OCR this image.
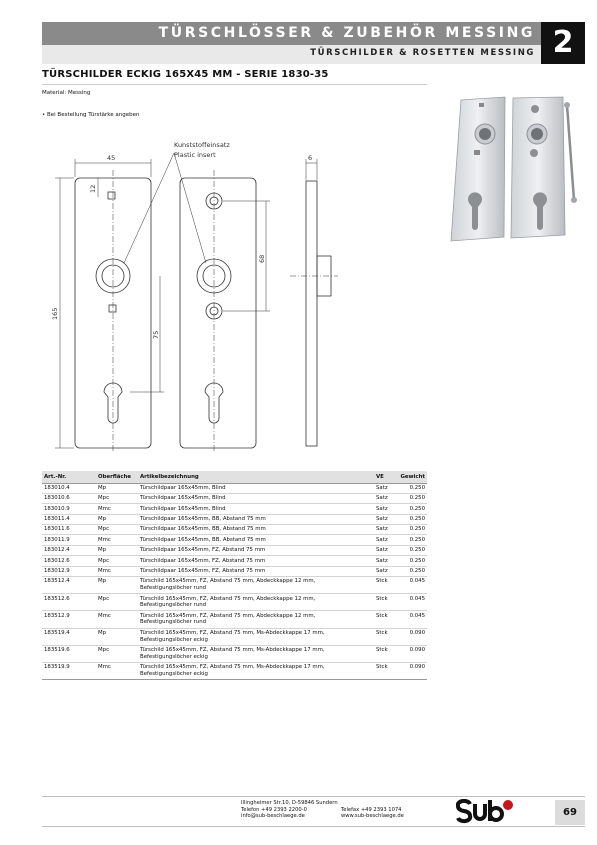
TÜRSCHLÖSSER & ZUBEHÖR MESSING
TÜRSCHILDER & ROSETTEN MESSING 2
TÜRSCHILDER ECKIG 165X45 MM - SERIE 1830-35
Material: Messing
• Bei Bestellung Türstärke angeben
Kunststoffeinsatz
Plastic insert
45	6
12
68
75
165
Art.-Nr.	Oberfläche	Artikelbezeichnung	VE	Gewicht
183010.4	Mp	Türschildpaar 165x45mm, Blind	Satz	0.250
183010.6	Mpc	Türschildpaar 165x45mm, Blind	Satz	0.250
183010.9	Mmc	Türschildpaar 165x45mm, Blind	Satz	0.250
183011.4	Mp	Türschildpaar 165x45mm, BB, Abstand 75 mm	Satz	0.250
183011.6	Mpc	Türschildpaar 165x45mm, BB, Abstand 75 mm	Satz	0.250
183011.9	Mmc	Türschildpaar 165x45mm, BB, Abstand 75 mm	Satz	0.250
183012.4	Mp	Türschildpaar 165x45mm, FZ, Abstand 75 mm	Satz	0.250
183012.6	Mpc	Türschildpaar 165x45mm, FZ, Abstand 75 mm	Satz	0.250
183012.9	Mmc	Türschildpaar 165x45mm, FZ, Abstand 75 mm	Satz	0.250
183512.4	Mp	Türschild 165x45mm, FZ, Abstand 75 mm, Abdeckkappe 12 mm,
Befestigungslöcher rund	Stck	0.045
183512.6	Mpc	Türschild 165x45mm, FZ, Abstand 75 mm, Abdeckkappe 12 mm,
Befestigungslöcher rund	Stck	0.045
183512.9	Mmc	Türschild 165x45mm, FZ, Abstand 75 mm, Abdeckkappe 12 mm,
Befestigungslöcher rund	Stck	0.045
183519.4	Mp	Türschild 165x45mm, FZ, Abstand 75 mm, Ms-Abdeckkappe 17 mm,
Befestigungslöcher eckig	Stck	0.090
183519.6	Mpc	Türschild 165x45mm, FZ, Abstand 75 mm, Ms-Abdeckkappe 17 mm,
Befestigungslöcher eckig	Stck	0.090
183519.9	Mmc	Türschild 165x45mm, FZ, Abstand 75 mm, Ms-Abdeckkappe 17 mm,
Befestigungslöcher eckig	Stck	0.090
Illingheimer Str.10, D-59846 Sundern
Telefon +49 2393 2200-0
info@sub-beschlaege.de
Telefax +49 2393 1074
www.sub-beschlaege.de	69
